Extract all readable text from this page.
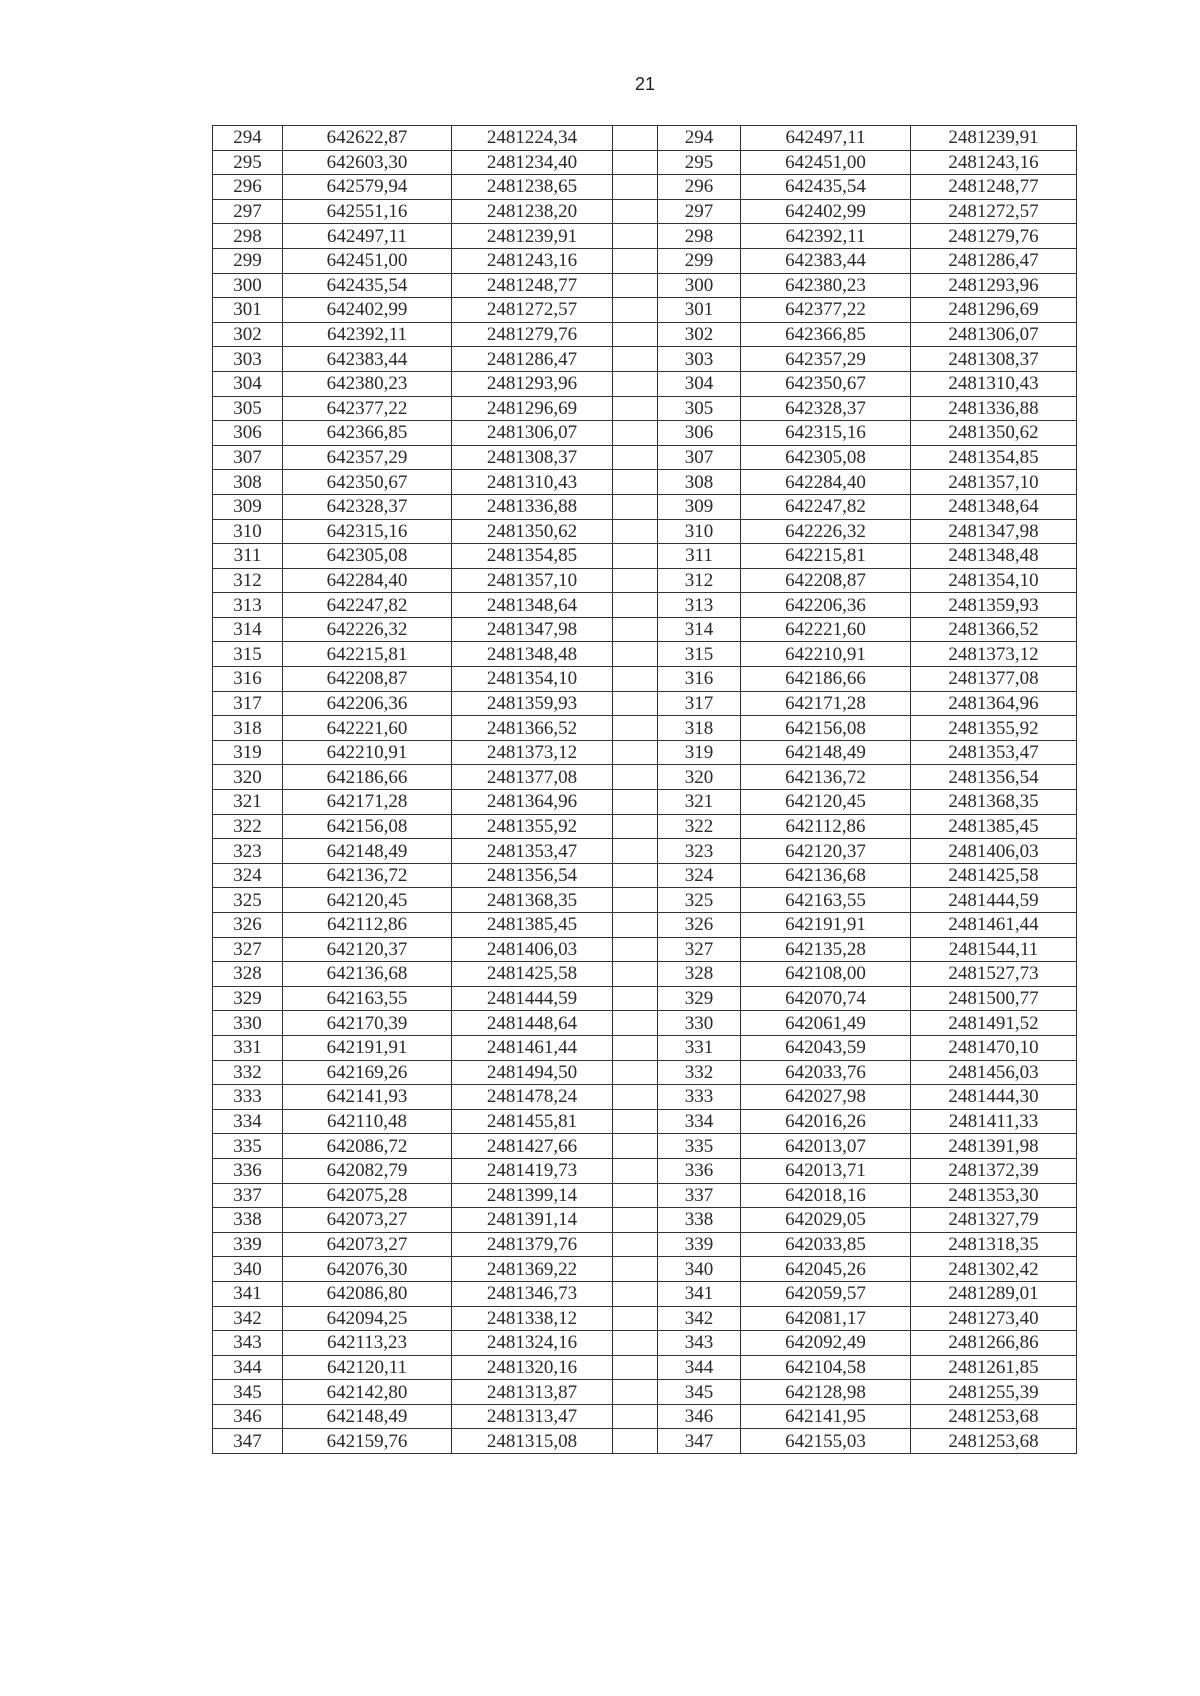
21
294	642622,87	2481224,34		294	642497,11	2481239,91
295	642603,30	2481234,40		295	642451,00	2481243,16
296	642579,94	2481238,65		296	642435,54	2481248,77
297	642551,16	2481238,20		297	642402,99	2481272,57
298	642497,11	2481239,91		298	642392,11	2481279,76
299	642451,00	2481243,16		299	642383,44	2481286,47
300	642435,54	2481248,77		300	642380,23	2481293,96
301	642402,99	2481272,57		301	642377,22	2481296,69
302	642392,11	2481279,76		302	642366,85	2481306,07
303	642383,44	2481286,47		303	642357,29	2481308,37
304	642380,23	2481293,96		304	642350,67	2481310,43
305	642377,22	2481296,69		305	642328,37	2481336,88
306	642366,85	2481306,07		306	642315,16	2481350,62
307	642357,29	2481308,37		307	642305,08	2481354,85
308	642350,67	2481310,43		308	642284,40	2481357,10
309	642328,37	2481336,88		309	642247,82	2481348,64
310	642315,16	2481350,62		310	642226,32	2481347,98
311	642305,08	2481354,85		311	642215,81	2481348,48
312	642284,40	2481357,10		312	642208,87	2481354,10
313	642247,82	2481348,64		313	642206,36	2481359,93
314	642226,32	2481347,98		314	642221,60	2481366,52
315	642215,81	2481348,48		315	642210,91	2481373,12
316	642208,87	2481354,10		316	642186,66	2481377,08
317	642206,36	2481359,93		317	642171,28	2481364,96
318	642221,60	2481366,52		318	642156,08	2481355,92
319	642210,91	2481373,12		319	642148,49	2481353,47
320	642186,66	2481377,08		320	642136,72	2481356,54
321	642171,28	2481364,96		321	642120,45	2481368,35
322	642156,08	2481355,92		322	642112,86	2481385,45
323	642148,49	2481353,47		323	642120,37	2481406,03
324	642136,72	2481356,54		324	642136,68	2481425,58
325	642120,45	2481368,35		325	642163,55	2481444,59
326	642112,86	2481385,45		326	642191,91	2481461,44
327	642120,37	2481406,03		327	642135,28	2481544,11
328	642136,68	2481425,58		328	642108,00	2481527,73
329	642163,55	2481444,59		329	642070,74	2481500,77
330	642170,39	2481448,64		330	642061,49	2481491,52
331	642191,91	2481461,44		331	642043,59	2481470,10
332	642169,26	2481494,50		332	642033,76	2481456,03
333	642141,93	2481478,24		333	642027,98	2481444,30
334	642110,48	2481455,81		334	642016,26	2481411,33
335	642086,72	2481427,66		335	642013,07	2481391,98
336	642082,79	2481419,73		336	642013,71	2481372,39
337	642075,28	2481399,14		337	642018,16	2481353,30
338	642073,27	2481391,14		338	642029,05	2481327,79
339	642073,27	2481379,76		339	642033,85	2481318,35
340	642076,30	2481369,22		340	642045,26	2481302,42
341	642086,80	2481346,73		341	642059,57	2481289,01
342	642094,25	2481338,12		342	642081,17	2481273,40
343	642113,23	2481324,16		343	642092,49	2481266,86
344	642120,11	2481320,16		344	642104,58	2481261,85
345	642142,80	2481313,87		345	642128,98	2481255,39
346	642148,49	2481313,47		346	642141,95	2481253,68
347	642159,76	2481315,08		347	642155,03	2481253,68
